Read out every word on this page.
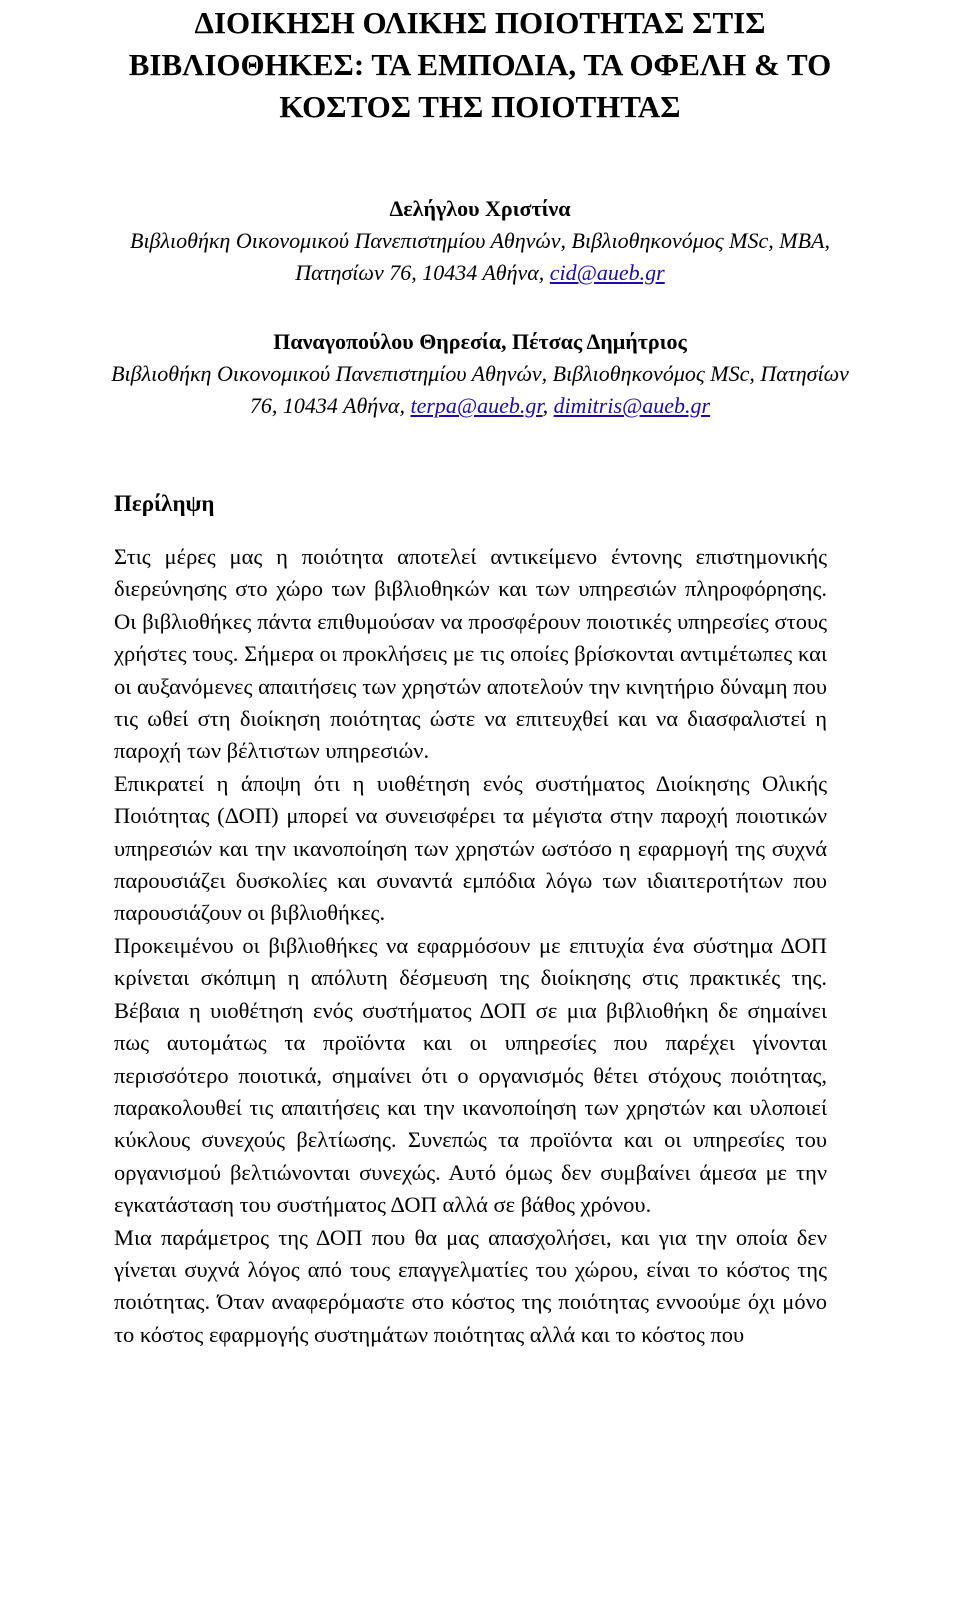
ΔΙΟΙΚΗΣΗ ΟΛΙΚΗΣ ΠΟΙΟΤΗΤΑΣ ΣΤΙΣ
ΒΙΒΛΙΟΘΗΚΕΣ: ΤΑ ΕΜΠΟΔΙΑ, ΤΑ ΟΦΕΛΗ & ΤΟ
ΚΟΣΤΟΣ ΤΗΣ ΠΟΙΟΤΗΤΑΣ
Δελήγλου Χριστίνα
Βιβλιοθήκη Οικονομικού Πανεπιστημίου Αθηνών, Βιβλιοθηκονόμος MSc, MBA,
Πατησίων 76, 10434 Αθήνα, cid@aueb.gr
Παναγοπούλου Θηρεσία, Πέτσας Δημήτριος
Βιβλιοθήκη Οικονομικού Πανεπιστημίου Αθηνών, Βιβλιοθηκονόμος MSc, Πατησίων
76, 10434 Αθήνα, terpa@aueb.gr, dimitris@aueb.gr
Περίληψη

Στις μέρες μας η ποιότητα αποτελεί αντικείμενο έντονης επιστημονικής διερεύνησης στο χώρο των βιβλιοθηκών και των υπηρεσιών πληροφόρησης. Οι βιβλιοθήκες πάντα επιθυμούσαν να προσφέρουν ποιοτικές υπηρεσίες στους χρήστες τους. Σήμερα οι προκλήσεις με τις οποίες βρίσκονται αντιμέτωπες και οι αυξανόμενες απαιτήσεις των χρηστών αποτελούν την κινητήριο δύναμη που τις ωθεί στη διοίκηση ποιότητας ώστε να επιτευχθεί και να διασφαλιστεί η παροχή των βέλτιστων υπηρεσιών.

Επικρατεί η άποψη ότι η υιοθέτηση ενός συστήματος Διοίκησης Ολικής Ποιότητας (ΔΟΠ) μπορεί να συνεισφέρει τα μέγιστα στην παροχή ποιοτικών υπηρεσιών και την ικανοποίηση των χρηστών ωστόσο η εφαρμογή της συχνά παρουσιάζει δυσκολίες και συναντά εμπόδια λόγω των ιδιαιτεροτήτων που παρουσιάζουν οι βιβλιοθήκες.

Προκειμένου οι βιβλιοθήκες να εφαρμόσουν με επιτυχία ένα σύστημα ΔΟΠ κρίνεται σκόπιμη η απόλυτη δέσμευση της διοίκησης στις πρακτικές της. Βέβαια η υιοθέτηση ενός συστήματος ΔΟΠ σε μια βιβλιοθήκη δε σημαίνει πως αυτομάτως τα προϊόντα και οι υπηρεσίες που παρέχει γίνονται περισσότερο ποιοτικά, σημαίνει ότι ο οργανισμός θέτει στόχους ποιότητας, παρακολουθεί τις απαιτήσεις και την ικανοποίηση των χρηστών και υλοποιεί κύκλους συνεχούς βελτίωσης. Συνεπώς τα προϊόντα και οι υπηρεσίες του οργανισμού βελτιώνονται συνεχώς. Αυτό όμως δεν συμβαίνει άμεσα με την εγκατάσταση του συστήματος ΔΟΠ αλλά σε βάθος χρόνου.

Μια παράμετρος της ΔΟΠ που θα μας απασχολήσει, και για την οποία δεν γίνεται συχνά λόγος από τους επαγγελματίες του χώρου, είναι το κόστος της ποιότητας. Όταν αναφερόμαστε στο κόστος της ποιότητας εννοούμε όχι μόνο το κόστος εφαρμογής συστημάτων ποιότητας αλλά και το κόστος που
